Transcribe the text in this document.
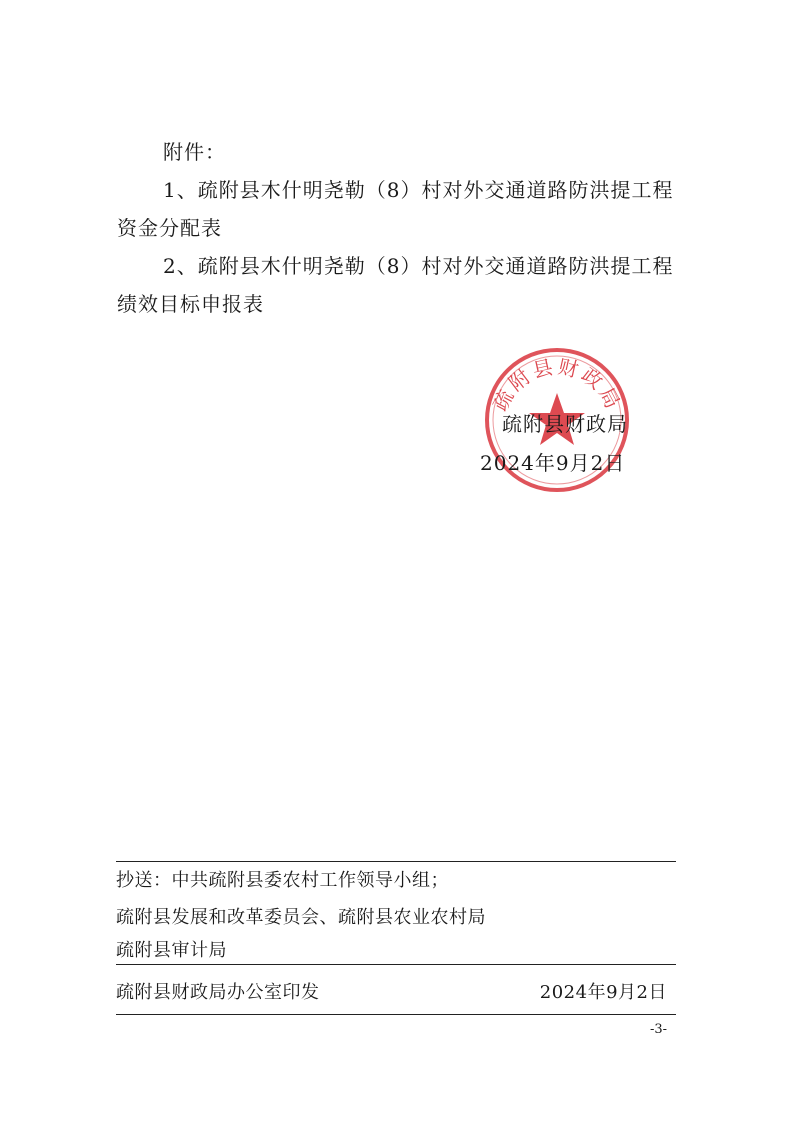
附件：
1、疏附县木什明尧勒（8）村对外交通道路防洪提工程
资金分配表
2、疏附县木什明尧勒（8）村对外交通道路防洪提工程
绩效目标申报表
疏附县财政局
疏附县财政局
2024年9月2日
抄送：中共疏附县委农村工作领导小组；
疏附县发展和改革委员会、疏附县农业农村局
疏附县审计局
疏附县财政局办公室印发	2024年9月2日
-3-
